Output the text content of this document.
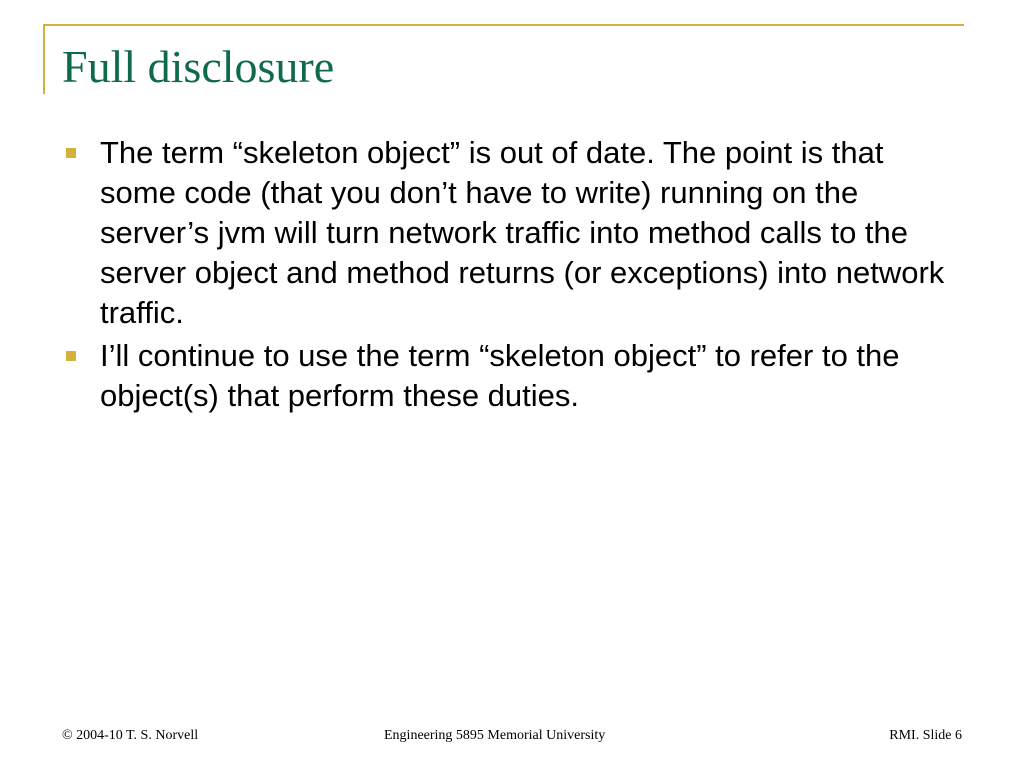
Full disclosure
The term “skeleton object” is out of date. The point is that some code (that you don’t have to write) running on the server’s jvm will turn network traffic into method calls to the server object and method returns (or exceptions) into network traffic.
I’ll continue to use the term “skeleton object” to refer to the object(s) that perform these duties.
© 2004-10 T. S. Norvell	Engineering 5895 Memorial University	RMI. Slide 6
